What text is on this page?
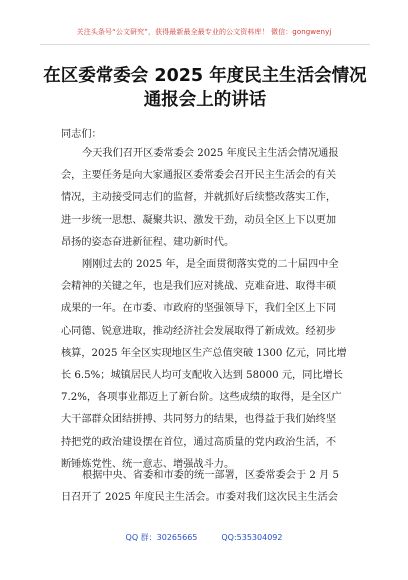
关注头条号“公文研究”，获得最新最全最专业的公文资料库！ 微信：gongwenyj
在区委常委会 2025 年度民主生活会情况
通报会上的讲话
同志们：
今天我们召开区委常委会 2025 年度民主生活会情况通报
会，主要任务是向大家通报区委常委会召开民主生活会的有关
情况，主动接受同志们的监督，并就抓好后续整改落实工作，
进一步统一思想、凝聚共识、激发干劲，动员全区上下以更加
昂扬的姿态奋进新征程、建功新时代。
刚刚过去的 2025 年，是全面贯彻落实党的二十届四中全
会精神的关键之年，也是我们应对挑战、克难奋进、取得丰硕
成果的一年。在市委、市政府的坚强领导下，我们全区上下同
心同德、锐意进取，推动经济社会发展取得了新成效。经初步
核算，2025 年全区实现地区生产总值突破 1300 亿元，同比增
长 6.5%；城镇居民人均可支配收入达到 58000 元，同比增长
7.2%，各项事业都迈上了新台阶。这些成绩的取得，是全区广
大干部群众团结拼搏、共同努力的结果，也得益于我们始终坚
持把党的政治建设摆在首位，通过高质量的党内政治生活，不
断锤炼党性、统一意志、增强战斗力。
根据中央、省委和市委的统一部署，区委常委会于 2 月 5
日召开了 2025 年度民主生活会。市委对我们这次民主生活会
QQ 群：30265665	QQ:535304092
